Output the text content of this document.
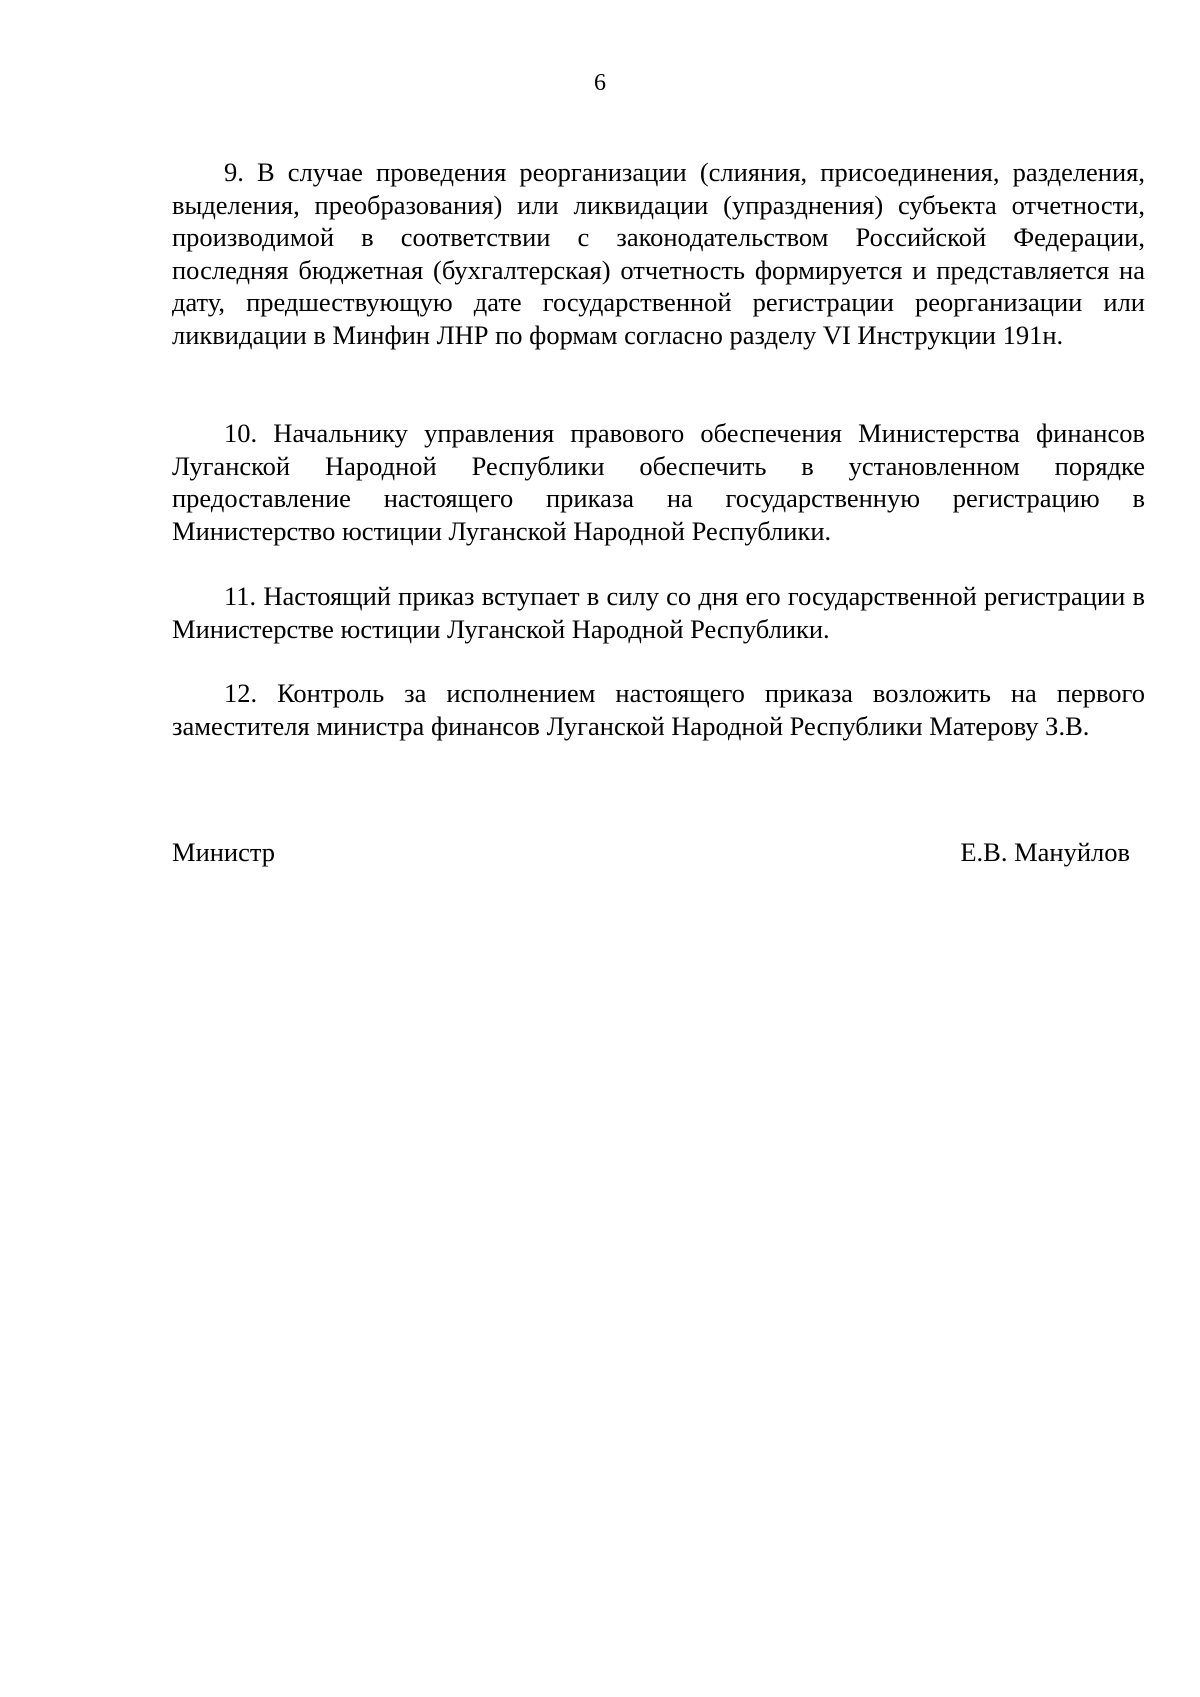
6

9. В случае проведения реорганизации (слияния, присоединения, разделения, выделения, преобразования) или ликвидации (упразднения) субъекта отчетности, производимой в соответствии с законодательством Российской Федерации, последняя бюджетная (бухгалтерская) отчетность формируется и представляется на дату, предшествующую дате государственной регистрации реорганизации или ликвидации в Минфин ЛНР по формам согласно разделу VI Инструкции 191н.

10. Начальнику управления правового обеспечения Министерства финансов Луганской Народной Республики обеспечить в установленном порядке предоставление настоящего приказа на государственную регистрацию в Министерство юстиции Луганской Народной Республики.

11. Настоящий приказ вступает в силу со дня его государственной регистрации в Министерстве юстиции Луганской Народной Республики.

12. Контроль за исполнением настоящего приказа возложить на первого заместителя министра финансов Луганской Народной Республики Матерову З.В.

Министр	Е.В. Мануйлов
